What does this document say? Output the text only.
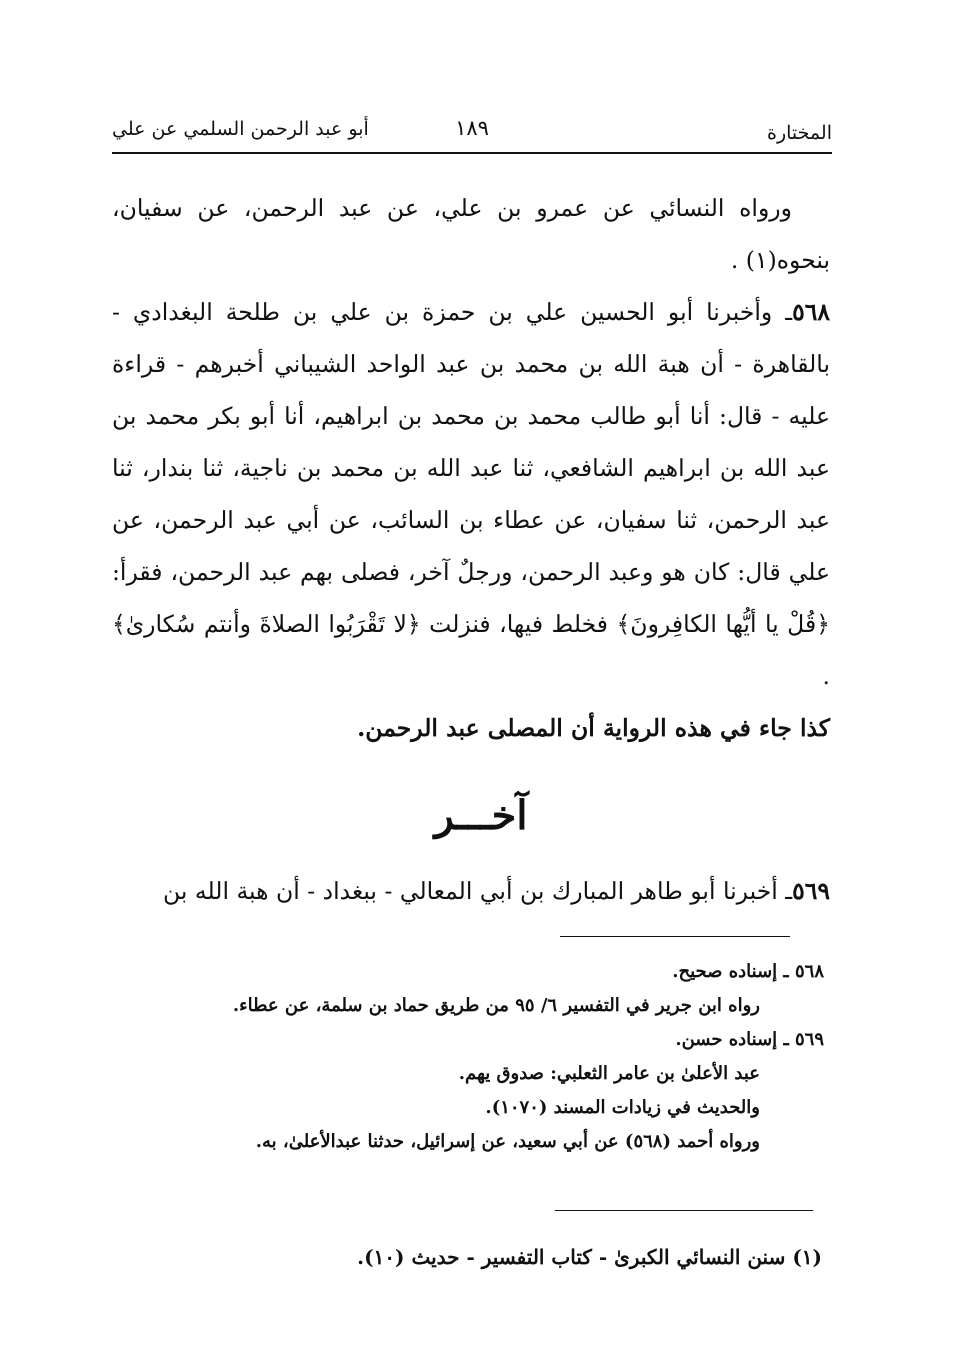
المختارة
١٨٩
أبو عبد الرحمن السلمي عن علي

ورواه النسائي عن عمرو بن علي، عن عبد الرحمن، عن سفيان، بنحوه(١) .

٥٦٨ـ وأخبرنا أبو الحسين علي بن حمزة بن علي بن طلحة البغدادي - بالقاهرة - أن هبة الله بن محمد بن عبد الواحد الشيباني أخبرهم - قراءة عليه - قال: أنا أبو طالب محمد بن محمد بن ابراهيم، أنا أبو بكر محمد بن عبد الله بن ابراهيم الشافعي، ثنا عبد الله بن محمد بن ناجية، ثنا بندار، ثنا عبد الرحمن، ثنا سفيان، عن عطاء بن السائب، عن أبي عبد الرحمن، عن علي قال: كان هو وعبد الرحمن، ورجلٌ آخر، فصلى بهم عبد الرحمن، فقرأ: ﴿قُلْ يا أيُّها الكافِرونَ﴾ فخلط فيها، فنزلت ﴿لا تَقْرَبُوا الصلاةَ وأنتم سُكارىٰ﴾ .

كذا جاء في هذه الرواية أن المصلى عبد الرحمن.

آخـــر
٥٦٩ـ أخبرنا أبو طاهر المبارك بن أبي المعالي - ببغداد - أن هبة الله بن

٥٦٨ ـ إسناده صحيح.

رواه ابن جرير في التفسير ٦/ ٩٥ من طريق حماد بن سلمة، عن عطاء.

٥٦٩ ـ إسناده حسن.

عبد الأعلىٰ بن عامر الثعلبي: صدوق يهم.

والحديث في زيادات المسند (١٠٧٠).

ورواه أحمد (٥٦٨) عن أبي سعيد، عن إسرائيل، حدثنا عبدالأعلىٰ، به.

(١) سنن النسائي الكبرىٰ - كتاب التفسير - حديث (١٠).
